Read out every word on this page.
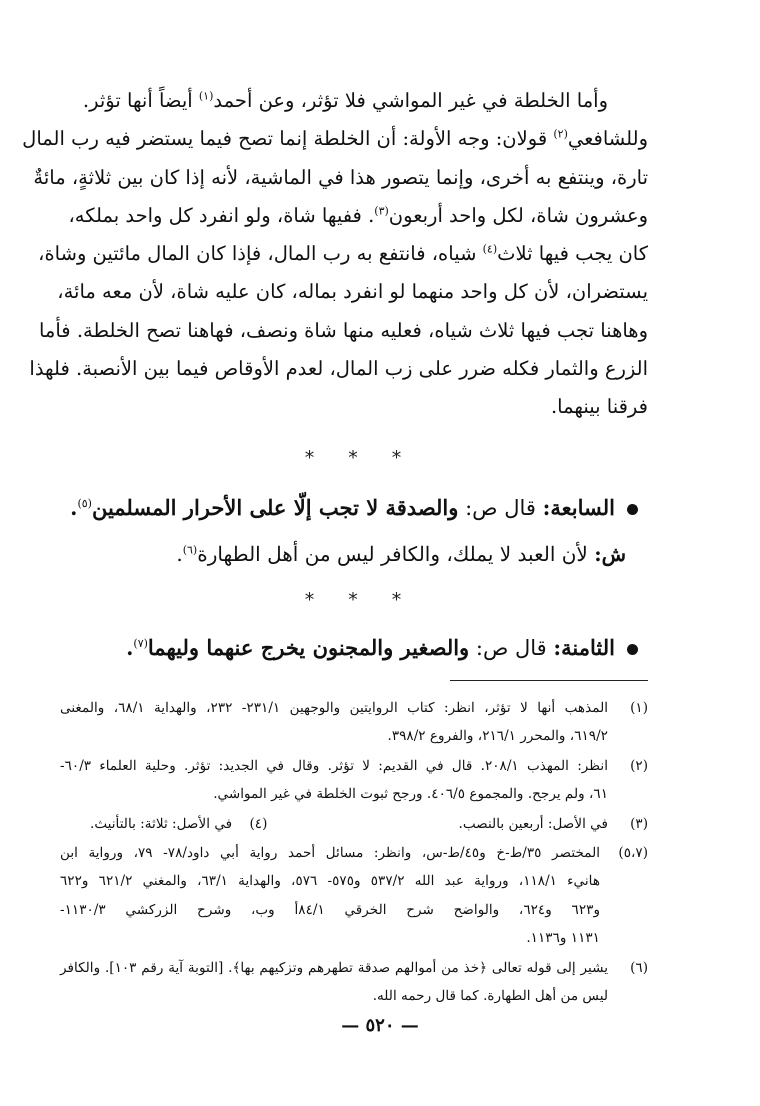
وأما الخلطة في غير المواشي فلا تؤثر، وعن أحمد$^{(١)}$ أيضاً أنها تؤثر.
وللشافعي$^{(٢)}$ قولان: وجه الأولة: أن الخلطة إنما تصح فيما يستضر فيه رب المال
تارة، وينتفع به أخرى، وإنما يتصور هذا في الماشية، لأنه إذا كان بين ثلاثةٍ، مائةٌ
وعشرون شاة، لكل واحد أربعون$^{(٣)}$. ففيها شاة، ولو انفرد كل واحد بملكه،
كان يجب فيها ثلاث$^{(٤)}$ شياه، فانتفع به رب المال، فإذا كان المال مائتين وشاة،
يستضران، لأن كل واحد منهما لو انفرد بماله، كان عليه شاة، لأن معه مائة،
وهاهنا تجب فيها ثلاث شياه، فعليه منها شاة ونصف، فهاهنا تصح الخلطة. فأما
الزرع والثمار فكله ضرر على زب المال، لعدم الأوقاص فيما بين الأنصبة. فلهذا
فرقنا بينهما.
* * *
السابعة: قال ص: والصدقة لا تجب إلّا على الأحرار المسلمين$^{(٥)}$.
ش: لأن العبد لا يملك، والكافر ليس من أهل الطهارة$^{(٦)}$.
* * *
الثامنة: قال ص: والصغير والمجنون يخرج عنهما وليهما$^{(٧)}$.
(١)
المذهب أنها لا تؤثر، انظر: كتاب الروايتين والوجهين ٢٣١/١- ٢٣٢، والهداية ٦٨/١، والمغنى
٦١٩/٢، والمحرر ٢١٦/١، والفروع ٣٩٨/٢.
(٢)
انظر: المهذب ٢٠٨/١. قال في القديم: لا تؤثر. وقال في الجديد: تؤثر. وحلية العلماء ٦٠/٣-
٦١، ولم يرجح. والمجموع ٤٠٦/٥. ورجح ثبوت الخلطة في غير المواشي.
(٣)
في الأصل: أربعين بالنصب.
(٤)    في الأصل: ثلاثة: بالتأنيث.
(٥،٧)
المختصر ٣٥/ط-خ و٤٥/ط-س، وانظر: مسائل أحمد رواية أبي داود/٧٨- ٧٩، ورواية ابن
هانيء ١١٨/١، ورواية عبد الله ٥٣٧/٢ و٥٧٥- ٥٧٦، والهداية ٦٣/١، والمغني ٦٢١/٢ و٦٢٢
و٦٢٣ و٦٢٤، والواضح شرح الخرقي ٨٤/١أ وب، وشرح الزركشي ١١٣٠/٣-
١١٣١ و١١٣٦.
(٦)
يشير إلى قوله تعالى ﴿خذ من أموالهم صدقة تطهرهم وتزكيهم بها﴾. [التوبة آية رقم ١٠٣]. والكافر
ليس من أهل الطهارة. كما قال رحمه الله.
— ٥٢٠ —
